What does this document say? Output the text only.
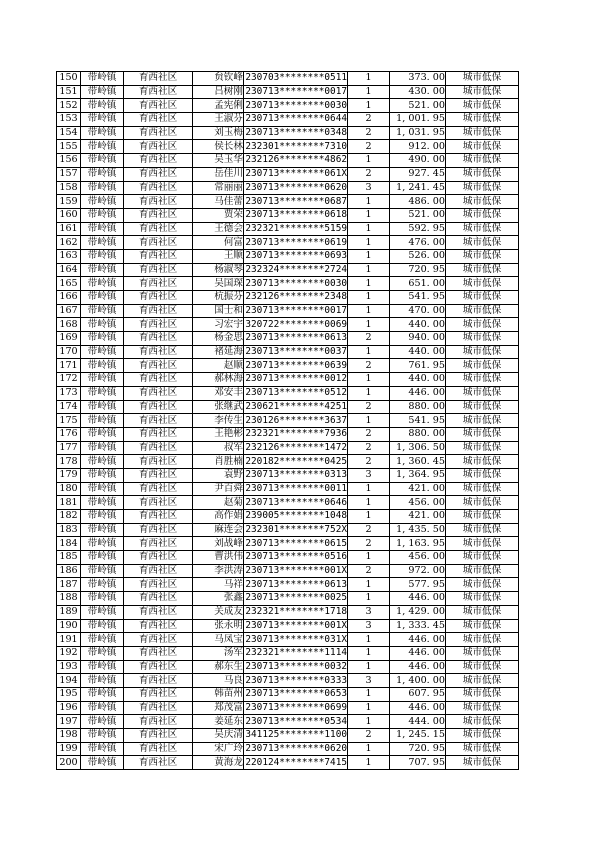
150	带岭镇	育西社区	贠钦峰	230703********0511	1	373. 00	城市低保
151	带岭镇	育西社区	吕树刚	230713********0017	1	430. 00	城市低保
152	带岭镇	育西社区	孟宪俐	230713********0030	1	521. 00	城市低保
153	带岭镇	育西社区	王淑芬	230713********0644	2	1, 001. 95	城市低保
154	带岭镇	育西社区	刘玉梅	230713********0348	2	1, 031. 95	城市低保
155	带岭镇	育西社区	侯长林	232301********7310	2	912. 00	城市低保
156	带岭镇	育西社区	吴玉华	232126********4862	1	490. 00	城市低保
157	带岭镇	育西社区	岳佳川	230713********061X	2	927. 45	城市低保
158	带岭镇	育西社区	常丽丽	230713********0620	3	1, 241. 45	城市低保
159	带岭镇	育西社区	马佳蕾	230713********0687	1	486. 00	城市低保
160	带岭镇	育西社区	贾荣	230713********0618	1	521. 00	城市低保
161	带岭镇	育西社区	王德会	232321********5159	1	592. 95	城市低保
162	带岭镇	育西社区	何富	230713********0619	1	476. 00	城市低保
163	带岭镇	育西社区	王顺	230713********0693	1	526. 00	城市低保
164	带岭镇	育西社区	杨淑琴	232324********2724	1	720. 95	城市低保
165	带岭镇	育西社区	吴国琛	230713********0030	1	651. 00	城市低保
166	带岭镇	育西社区	杭振芬	232126********2348	1	541. 95	城市低保
167	带岭镇	育西社区	国士和	230713********0017	1	470. 00	城市低保
168	带岭镇	育西社区	习宏宇	320722********0069	1	440. 00	城市低保
169	带岭镇	育西社区	杨金思	230713********0613	2	940. 00	城市低保
170	带岭镇	育西社区	褚延海	230713********0037	1	440. 00	城市低保
171	带岭镇	育西社区	赵顺	230713********0639	2	761. 95	城市低保
172	带岭镇	育西社区	郝林海	230713********0012	1	440. 00	城市低保
173	带岭镇	育西社区	邓安丰	230713********0512	1	446. 00	城市低保
174	带岭镇	育西社区	张继武	230621********4251	2	880. 00	城市低保
175	带岭镇	育西社区	李传生	230126********3637	1	541. 95	城市低保
176	带岭镇	育西社区	王艳彬	232321********7936	2	880. 00	城市低保
177	带岭镇	育西社区	叔军	232126********1472	2	1, 306. 50	城市低保
178	带岭镇	育西社区	肖胜楠	220182********0425	2	1, 360. 45	城市低保
179	带岭镇	育西社区	袁野	230713********0313	3	1, 364. 95	城市低保
180	带岭镇	育西社区	尹百舜	230713********0011	1	421. 00	城市低保
181	带岭镇	育西社区	赵菊	230713********0646	1	456. 00	城市低保
182	带岭镇	育西社区	高作娟	239005********1048	1	421. 00	城市低保
183	带岭镇	育西社区	麻连会	232301********752X	2	1, 435. 50	城市低保
184	带岭镇	育西社区	刘战峰	230713********0615	2	1, 163. 95	城市低保
185	带岭镇	育西社区	曹洪伟	230713********0516	1	456. 00	城市低保
186	带岭镇	育西社区	李洪涛	230713********001X	2	972. 00	城市低保
187	带岭镇	育西社区	马祥	230713********0613	1	577. 95	城市低保
188	带岭镇	育西社区	张鑫	230713********0025	1	446. 00	城市低保
189	带岭镇	育西社区	关成友	232321********1718	3	1, 429. 00	城市低保
190	带岭镇	育西社区	张永明	230713********001X	3	1, 333. 45	城市低保
191	带岭镇	育西社区	马凤宝	230713********031X	1	446. 00	城市低保
192	带岭镇	育西社区	汤军	232321********1114	1	446. 00	城市低保
193	带岭镇	育西社区	郝东生	230713********0032	1	446. 00	城市低保
194	带岭镇	育西社区	马良	230713********0333	3	1, 400. 00	城市低保
195	带岭镇	育西社区	韩苗州	230713********0653	1	607. 95	城市低保
196	带岭镇	育西社区	郑茂富	230713********0699	1	446. 00	城市低保
197	带岭镇	育西社区	姜延东	230713********0534	1	444. 00	城市低保
198	带岭镇	育西社区	吴庆清	341125********1100	2	1, 245. 15	城市低保
199	带岭镇	育西社区	宋广玲	230713********0620	1	720. 95	城市低保
200	带岭镇	育西社区	黄海龙	220124********7415	1	707. 95	城市低保
